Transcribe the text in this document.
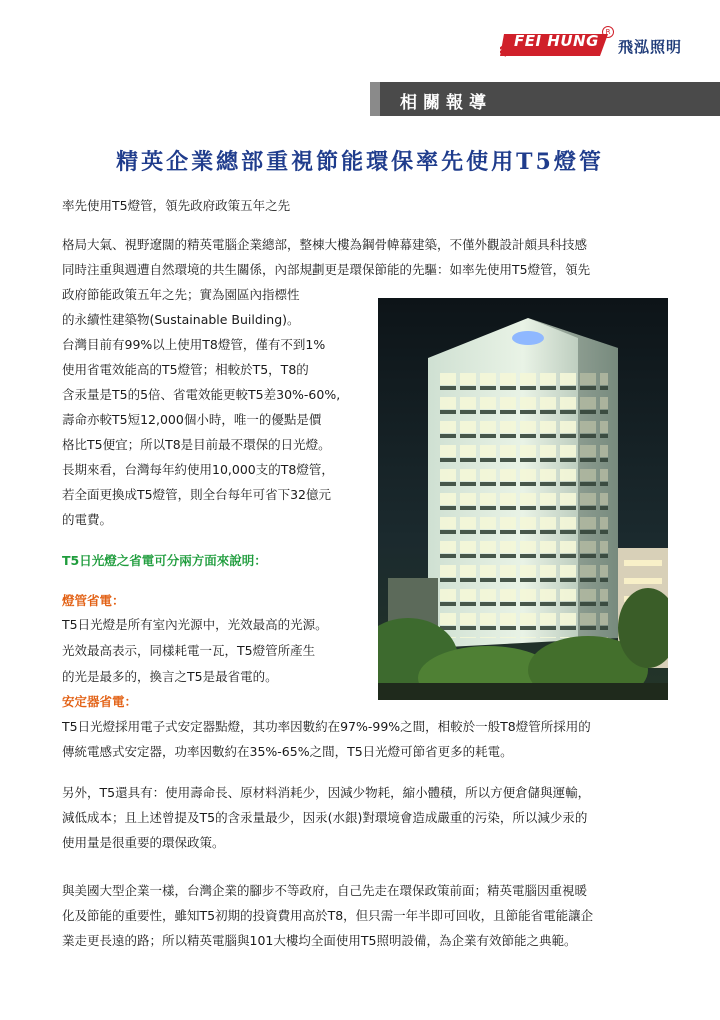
FEI HUNG R
飛泓照明
相關報導
精英企業總部重視節能環保率先使用T5燈管
率先使用T5燈管，領先政府政策五年之先
格局大氣、視野遼闊的精英電腦企業總部，整棟大樓為鋼骨幃幕建築，不僅外觀設計頗具科技感
同時注重與週遭自然環境的共生關係，內部規劃更是環保節能的先驅：如率先使用T5燈管，領先
政府節能政策五年之先；實為園區內指標性
的永續性建築物(Sustainable Building)。
台灣目前有99%以上使用T8燈管，僅有不到1%
使用省電效能高的T5燈管；相較於T5，T8的
含汞量是T5的5倍、省電效能更較T5差30%-60%,
壽命亦較T5短12,000個小時，唯一的優點是價
格比T5便宜；所以T8是目前最不環保的日光燈。
長期來看，台灣每年約使用10,000支的T8燈管，
若全面更換成T5燈管，則全台每年可省下32億元
的電費。
T5日光燈之省電可分兩方面來說明：
燈管省電：
T5日光燈是所有室內光源中，光效最高的光源。
光效最高表示，同樣耗電一瓦，T5燈管所產生
的光是最多的，換言之T5是最省電的。
安定器省電：
T5日光燈採用電子式安定器點燈，其功率因數約在97%-99%之間，相較於一般T8燈管所採用的
傳統電感式安定器，功率因數約在35%-65%之間，T5日光燈可節省更多的耗電。
另外，T5還具有：使用壽命長、原材料消耗少，因減少物耗，縮小體積，所以方便倉儲與運輸，
減低成本；且上述曾提及T5的含汞量最少，因汞(水銀)對環境會造成嚴重的污染，所以減少汞的
使用量是很重要的環保政策。
與美國大型企業一樣，台灣企業的腳步不等政府，自己先走在環保政策前面；精英電腦因重視暖
化及節能的重要性，雖知T5初期的投資費用高於T8，但只需一年半即可回收，且節能省電能讓企
業走更長遠的路；所以精英電腦與101大樓均全面使用T5照明設備，為企業有效節能之典範。
